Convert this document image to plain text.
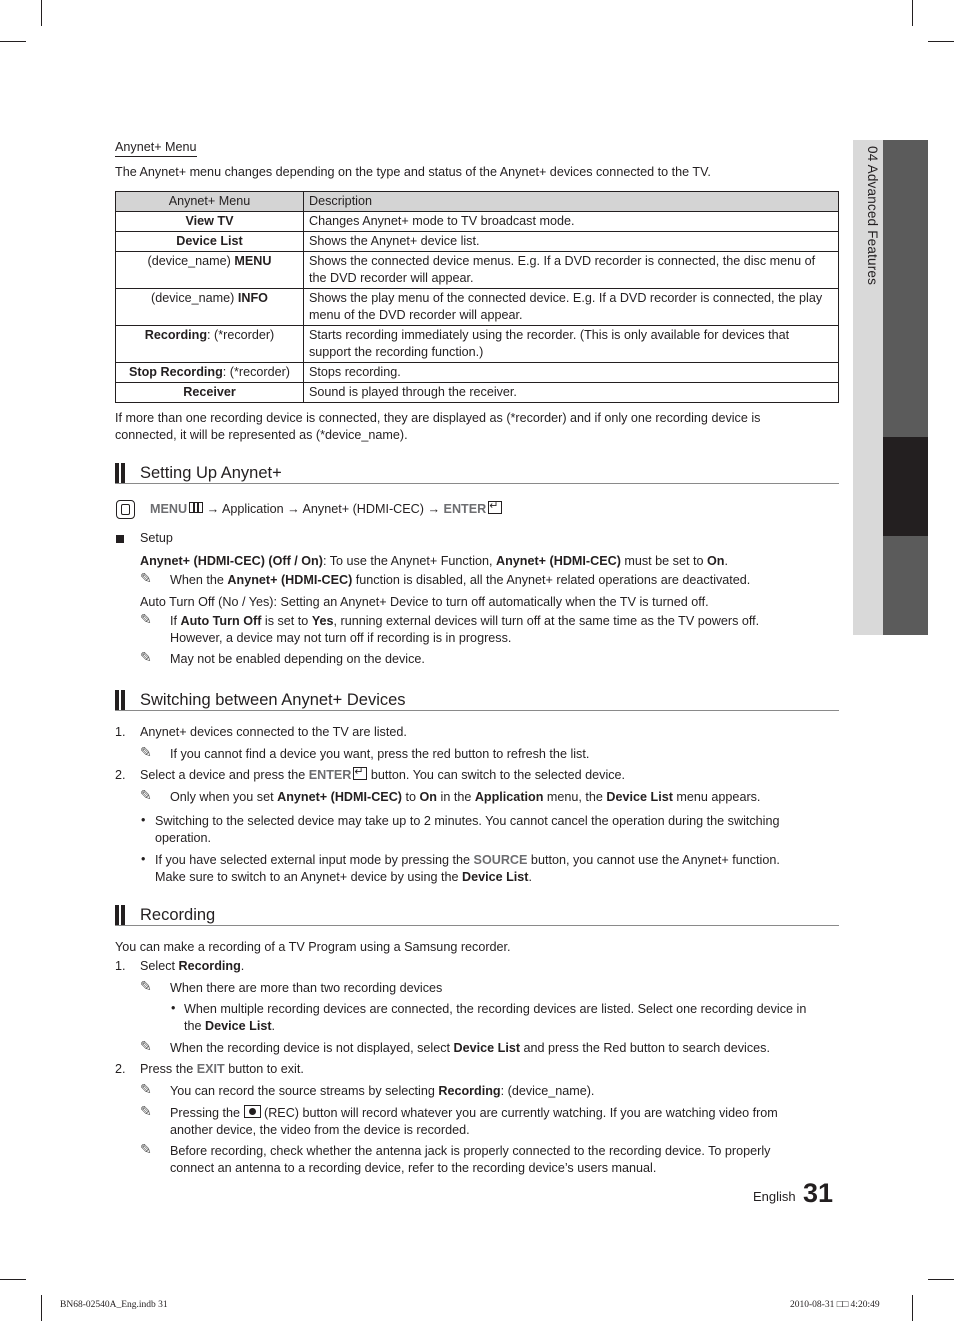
04 Advanced Features
Anynet+ Menu
The Anynet+ menu changes depending on the type and status of the Anynet+ devices connected to the TV.
Anynet+ Menu	Description
View TV	Changes Anynet+ mode to TV broadcast mode.
Device List	Shows the Anynet+ device list.
(device_name) MENU	Shows the connected device menus. E.g. If a DVD recorder is connected, the disc menu of the DVD recorder will appear.
(device_name) INFO	Shows the play menu of the connected device. E.g. If a DVD recorder is connected, the play menu of the DVD recorder will appear.
Recording: (*recorder)	Starts recording immediately using the recorder. (This is only available for devices that support the recording function.)
Stop Recording: (*recorder)	Stops recording.
Receiver	Sound is played through the receiver.
If more than one recording device is connected, they are displayed as (*recorder) and if only one recording device is connected, it will be represented as (*device_name).
Setting Up Anynet+
MENU → Application → Anynet+ (HDMI-CEC) → ENTER↵
Setup
Anynet+ (HDMI-CEC) (Off / On): To use the Anynet+ Function, Anynet+ (HDMI-CEC) must be set to On.
✎ When the Anynet+ (HDMI-CEC) function is disabled, all the Anynet+ related operations are deactivated.
Auto Turn Off (No / Yes): Setting an Anynet+ Device to turn off automatically when the TV is turned off.
✎ If Auto Turn Off is set to Yes, running external devices will turn off at the same time as the TV powers off.
However, a device may not turn off if recording is in progress.
✎ May not be enabled depending on the device.
Switching between Anynet+ Devices
1. Anynet+ devices connected to the TV are listed.
✎ If you cannot find a device you want, press the red button to refresh the list.
2. Select a device and press the ENTER↵ button. You can switch to the selected device.
✎ Only when you set Anynet+ (HDMI-CEC) to On in the Application menu, the Device List menu appears.
• Switching to the selected device may take up to 2 minutes. You cannot cancel the operation during the switching
operation.
• If you have selected external input mode by pressing the SOURCE button, you cannot use the Anynet+ function.
Make sure to switch to an Anynet+ device by using the Device List.
Recording
You can make a recording of a TV Program using a Samsung recorder.
1. Select Recording.
✎ When there are more than two recording devices
• When multiple recording devices are connected, the recording devices are listed. Select one recording device in
the Device List.
✎ When the recording device is not displayed, select Device List and press the Red button to search devices.
2. Press the EXIT button to exit.
✎ You can record the source streams by selecting Recording: (device_name).
✎ Pressing the  (REC) button will record whatever you are currently watching. If you are watching video from
another device, the video from the device is recorded.
✎ Before recording, check whether the antenna jack is properly connected to the recording device. To properly
connect an antenna to a recording device, refer to the recording device’s users manual.
English 31
BN68-02540A_Eng.indb 31	2010-08-31 □□ 4:20:49
